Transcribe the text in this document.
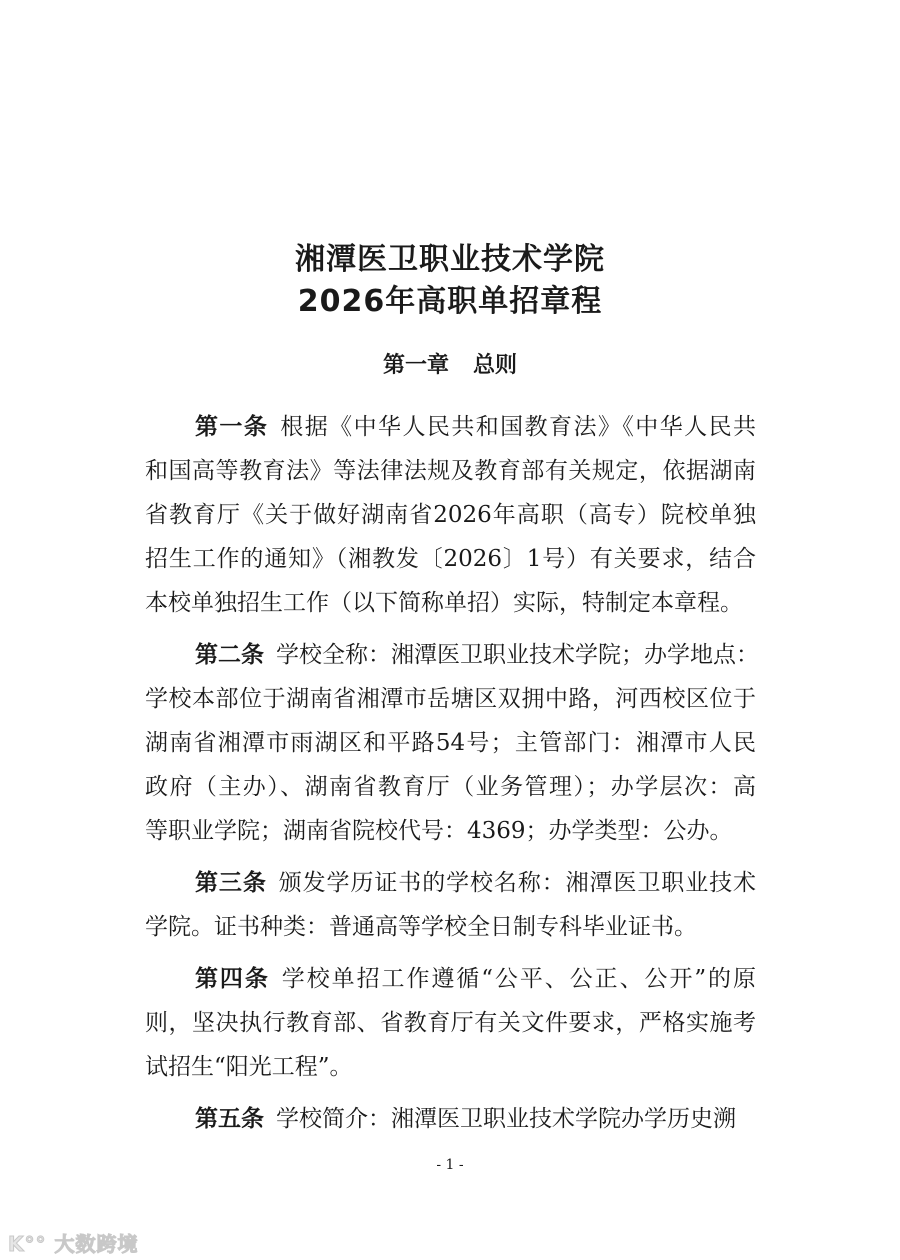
湘潭医卫职业技术学院
2026年高职单招章程
第一章 总则
第一条 根据《中华人民共和国教育法》《中华人民共
和国高等教育法》等法律法规及教育部有关规定，依据湖南
省教育厅《关于做好湖南省2026年高职（高专）院校单独
招生工作的通知》（湘教发〔2026〕1号）有关要求，结合
本校单独招生工作（以下简称单招）实际，特制定本章程。
第二条 学校全称：湘潭医卫职业技术学院；办学地点：
学校本部位于湖南省湘潭市岳塘区双拥中路，河西校区位于
湖南省湘潭市雨湖区和平路54号；主管部门：湘潭市人民
政府（主办）、湖南省教育厅（业务管理）；办学层次：高
等职业学院；湖南省院校代号：4369；办学类型：公办。
第三条 颁发学历证书的学校名称：湘潭医卫职业技术
学院。证书种类：普通高等学校全日制专科毕业证书。
第四条 学校单招工作遵循“公平、公正、公开”的原
则，坚决执行教育部、省教育厅有关文件要求，严格实施考
试招生“阳光工程”。
第五条 学校简介：湘潭医卫职业技术学院办学历史溯
- 1 -
K°° 大数跨境
